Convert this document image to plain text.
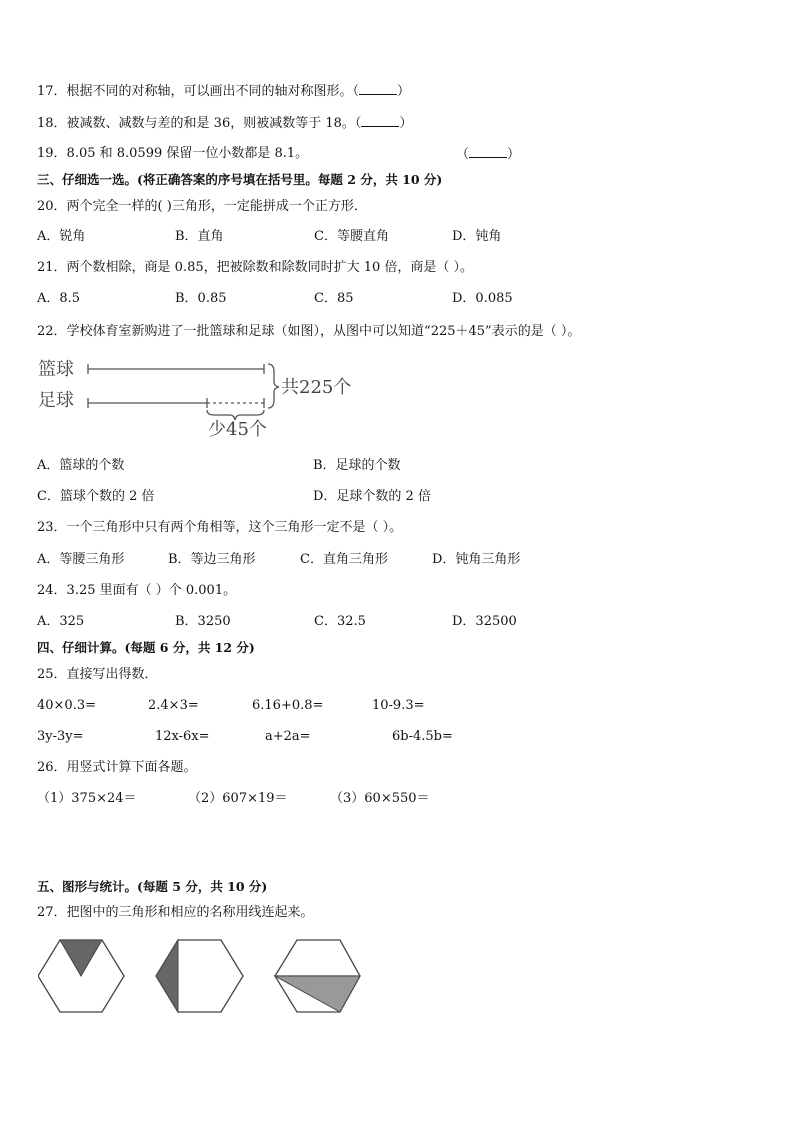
17．根据不同的对称轴，可以画出不同的轴对称图形。（	）
18．被减数、减数与差的和是 36，则被减数等于 18。（	）
19．8.05 和 8.0599 保留一位小数都是 8.1。	（	）
三、仔细选一选。(将正确答案的序号填在括号里。每题 2 分，共 10 分)
20．两个完全一样的( )三角形，一定能拼成一个正方形．
A．锐角	B．直角	C．等腰直角	D．钝角
21．两个数相除，商是 0.85，把被除数和除数同时扩大 10 倍，商是（ ）。
A．8.5	B．0.85	C．85	D．0.085
22．学校体育室新购进了一批篮球和足球（如图），从图中可以知道“225＋45”表示的是（ ）。
篮球
足球
共225个
少45个
A．篮球的个数	B．足球的个数
C．篮球个数的 2 倍	D．足球个数的 2 倍
23．一个三角形中只有两个角相等，这个三角形一定不是（ ）。
A．等腰三角形	B．等边三角形	C．直角三角形	D．钝角三角形
24．3.25 里面有（ ）个 0.001。
A．325	B．3250	C．32.5	D．32500
四、仔细计算。(每题 6 分，共 12 分)
25．直接写出得数．
40×0.3=	2.4×3=	6.16+0.8=	10-9.3=
3y-3y=	12x-6x=	a+2a=	6b-4.5b=
26．用竖式计算下面各题。
（1）375×24＝	（2）607×19＝	（3）60×550＝
五、图形与统计。(每题 5 分，共 10 分)
27．把图中的三角形和相应的名称用线连起来。
